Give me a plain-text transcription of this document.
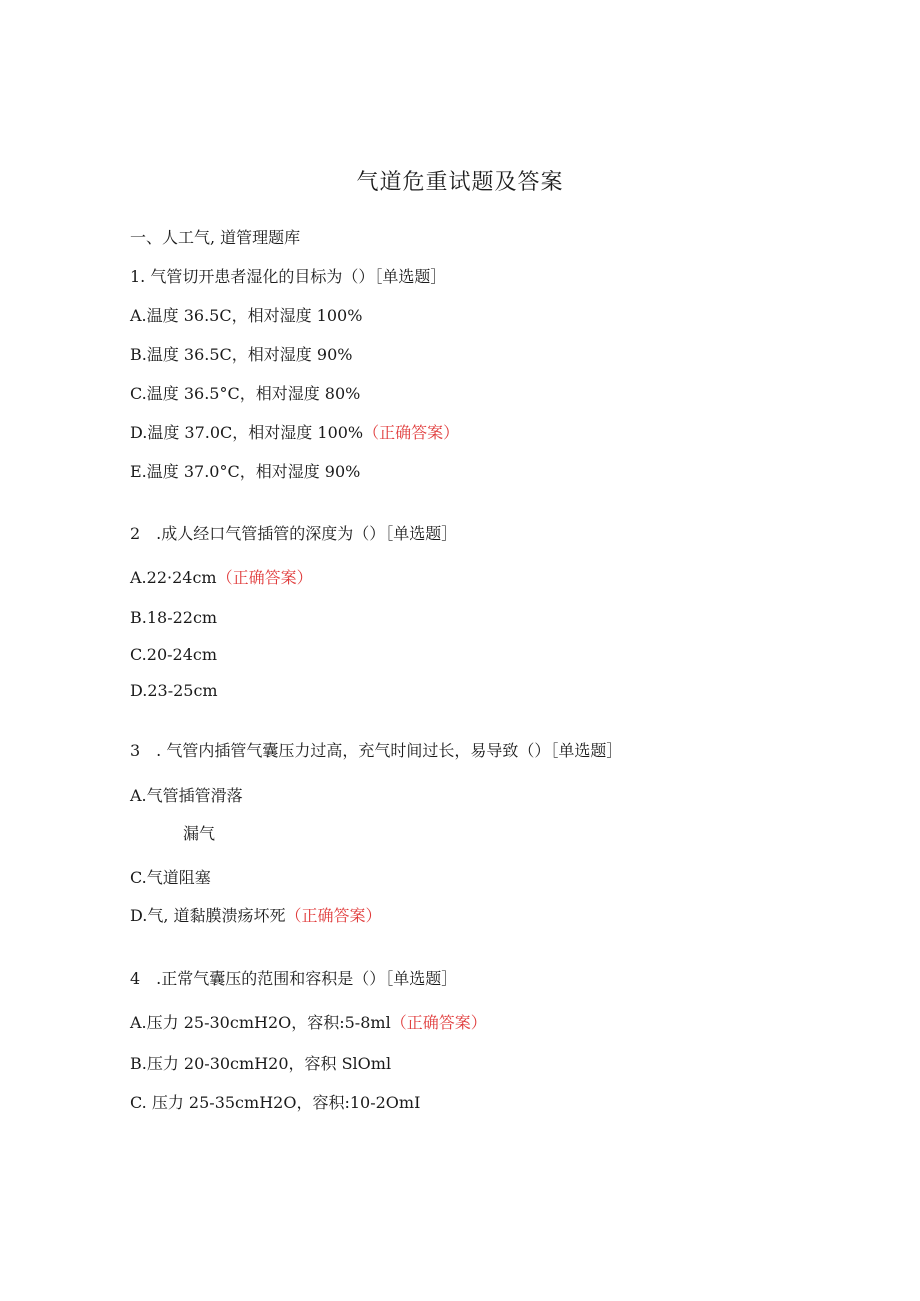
气道危重试题及答案
一、人工气, 道管理题库
1. 气管切开患者湿化的目标为（）［单选题］
A.温度 36.5C，相对湿度 100%
B.温度 36.5C，相对湿度 90%
C.温度 36.5°C，相对湿度 80%
D.温度 37.0C，相对湿度 100%（正确答案）
E.温度 37.0°C，相对湿度 90%
2　.成人经口气管插管的深度为（）［单选题］
A.22·24cm（正确答案）
B.18-22cm
C.20-24cm
D.23-25cm
3　. 气管内插管气囊压力过高，充气时间过长，易导致（）［单选题］
A.气管插管滑落
漏气
C.气道阻塞
D.气, 道黏膜溃疡坏死（正确答案）
4　.正常气囊压的范围和容积是（）［单选题］
A.压力 25-30cmH2O，容积:5-8ml（正确答案）
B.压力 20-30cmH20，容积 SlOml
C. 压力 25-35cmH2O，容积:10-2OmI
